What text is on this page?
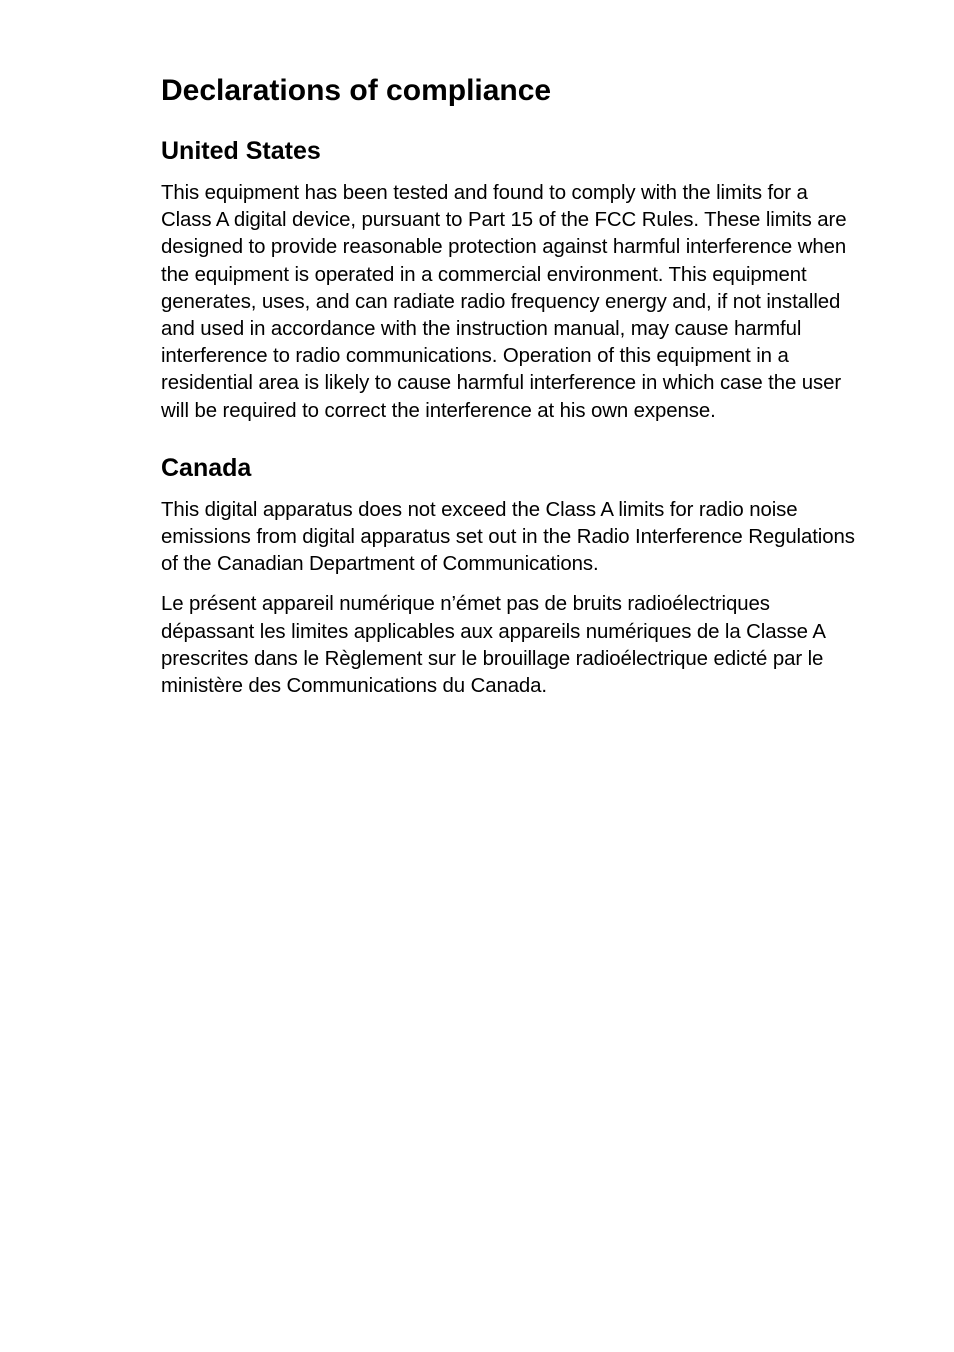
Declarations of compliance
United States

This equipment has been tested and found to comply with the limits for a Class A digital device, pursuant to Part 15 of the FCC Rules. These limits are designed to provide reasonable protection against harmful interference when the equipment is operated in a commercial environment. This equipment generates, uses, and can radiate radio frequency energy and, if not installed and used in accordance with the instruction manual, may cause harmful interference to radio communications. Operation of this equipment in a residential area is likely to cause harmful interference in which case the user will be required to correct the interference at his own expense.

Canada

This digital apparatus does not exceed the Class A limits for radio noise emissions from digital apparatus set out in the Radio Interference Regulations of the Canadian Department of Communications.

Le présent appareil numérique n’émet pas de bruits radioélectriques dépassant les limites applicables aux appareils numériques de la Classe A prescrites dans le Règlement sur le brouillage radioélectrique edicté par le ministère des Communications du Canada.
